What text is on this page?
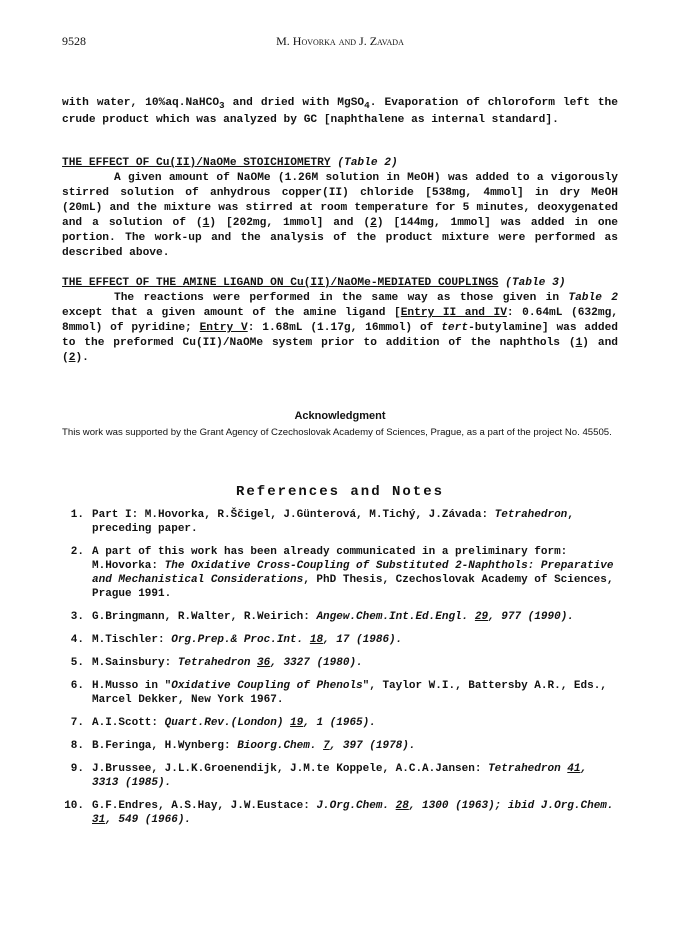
9528	M. Hovorka and J. Zavada

with water, 10%aq.NaHCO$_3$ and dried with MgSO$_4$. Evaporation of chloroform left the crude product which was analyzed by GC [naphthalene as internal standard].

THE EFFECT OF Cu(II)/NaOMe STOICHIOMETRY (Table 2)

A given amount of NaOMe (1.26M solution in MeOH) was added to a vigorously stirred solution of anhydrous copper(II) chloride [538mg, 4mmol] in dry MeOH (20mL) and the mixture was stirred at room temperature for 5 minutes, deoxygenated and a solution of (1) [202mg, 1mmol] and (2) [144mg, 1mmol] was added in one portion. The work-up and the analysis of the product mixture were performed as described above.

THE EFFECT OF THE AMINE LIGAND ON Cu(II)/NaOMe-MEDIATED COUPLINGS (Table 3)

The reactions were performed in the same way as those given in Table 2 except that a given amount of the amine ligand [Entry II and IV: 0.64mL (632mg, 8mmol) of pyridine; Entry V: 1.68mL (1.17g, 16mmol) of tert-butylamine] was added to the preformed Cu(II)/NaOMe system prior to addition of the naphthols (1) and (2).

Acknowledgment
This work was supported by the Grant Agency of Czechoslovak Academy of Sciences, Prague, as a part of the project No. 45505.
References and Notes
1. Part I: M.Hovorka, R.Ščigel, J.Günterová, M.Tichý, J.Závada: Tetrahedron, preceding paper.
2. A part of this work has been already communicated in a preliminary form: M.Hovorka: The Oxidative Cross-Coupling of Substituted 2-Naphthols: Preparative and Mechanistical Considerations, PhD Thesis, Czechoslovak Academy of Sciences, Prague 1991.
3. G.Bringmann, R.Walter, R.Weirich: Angew.Chem.Int.Ed.Engl. 29, 977 (1990).
4. M.Tischler: Org.Prep.& Proc.Int. 18, 17 (1986).
5. M.Sainsbury: Tetrahedron 36, 3327 (1980).
6. H.Musso in "Oxidative Coupling of Phenols", Taylor W.I., Battersby A.R., Eds., Marcel Dekker, New York 1967.
7. A.I.Scott: Quart.Rev.(London) 19, 1 (1965).
8. B.Feringa, H.Wynberg: Bioorg.Chem. 7, 397 (1978).
9. J.Brussee, J.L.K.Groenendijk, J.M.te Koppele, A.C.A.Jansen: Tetrahedron 41, 3313 (1985).
10. G.F.Endres, A.S.Hay, J.W.Eustace: J.Org.Chem. 28, 1300 (1963); ibid J.Org.Chem. 31, 549 (1966).
